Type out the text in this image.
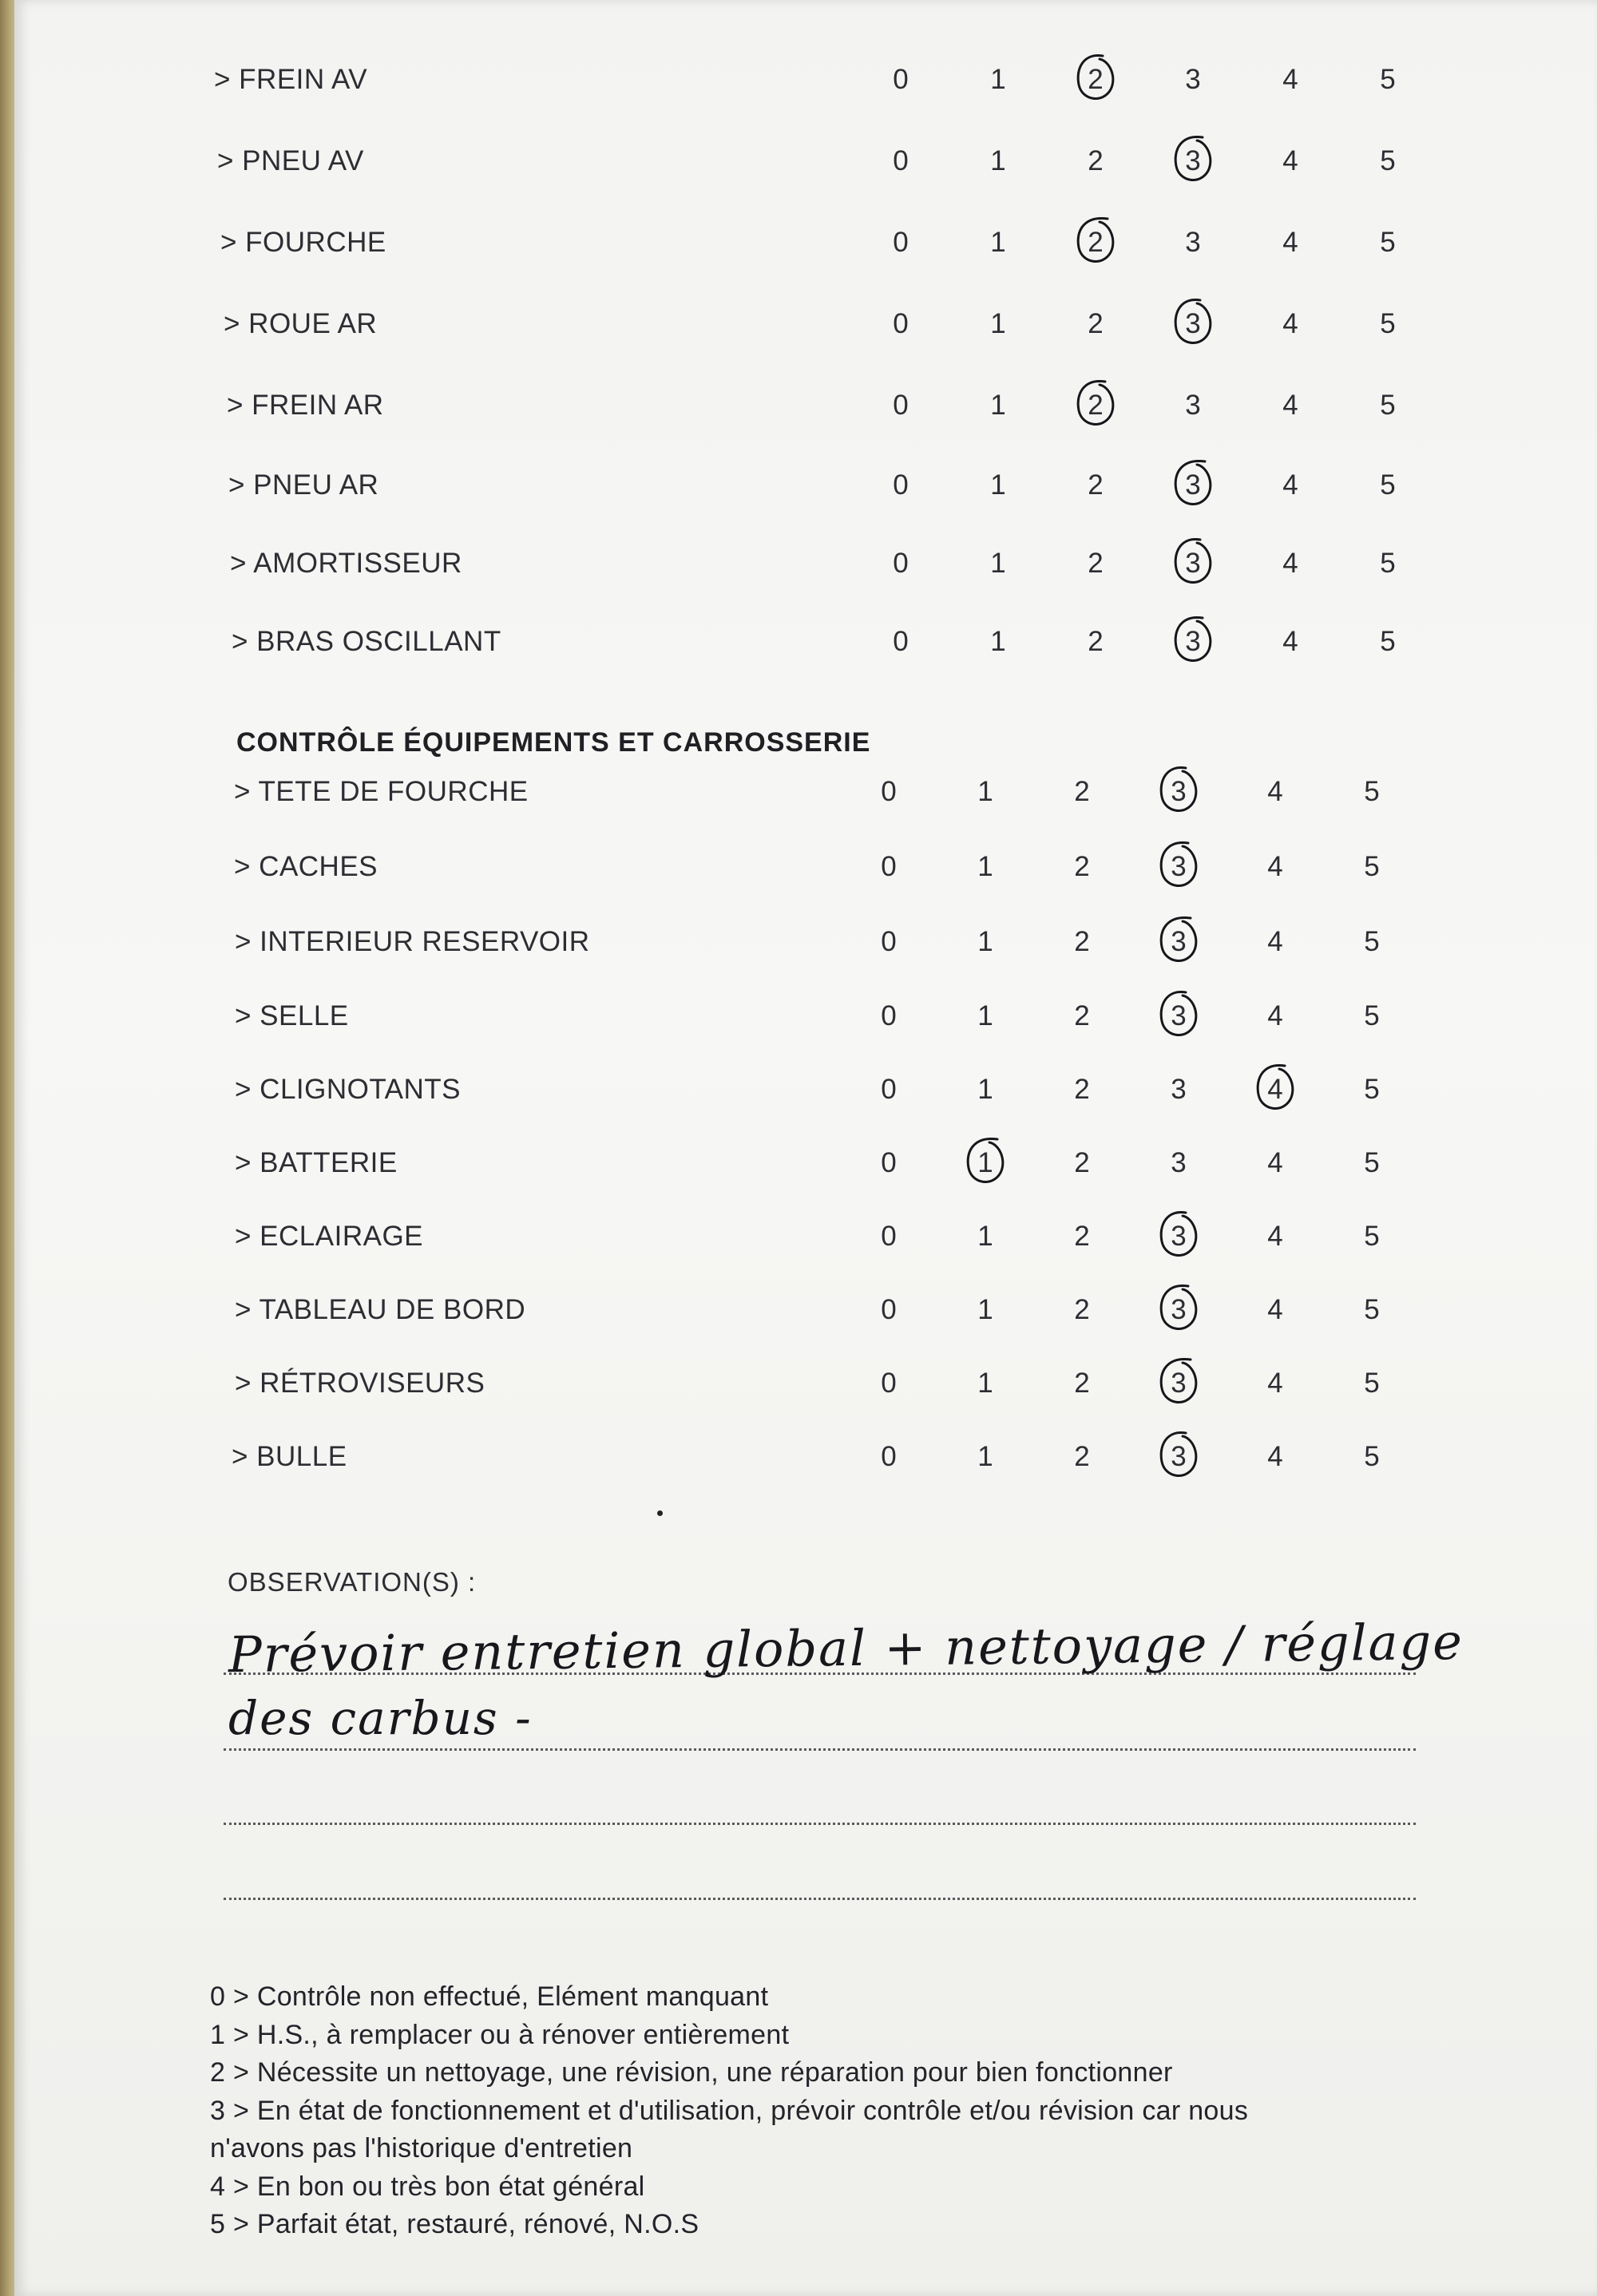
> FREIN AV	0	1	2	3	4	5
> PNEU AV	0	1	2	3	4	5
> FOURCHE	0	1	2	3	4	5
> ROUE AR	0	1	2	3	4	5
> FREIN AR	0	1	2	3	4	5
> PNEU AR	0	1	2	3	4	5
> AMORTISSEUR	0	1	2	3	4	5
> BRAS OSCILLANT	0	1	2	3	4	5
> TETE DE FOURCHE	0	1	2	3	4	5
> CACHES	0	1	2	3	4	5
> INTERIEUR RESERVOIR	0	1	2	3	4	5
> SELLE	0	1	2	3	4	5
> CLIGNOTANTS	0	1	2	3	4	5
> BATTERIE	0	1	2	3	4	5
> ECLAIRAGE	0	1	2	3	4	5
> TABLEAU DE BORD	0	1	2	3	4	5
> RÉTROVISEURS	0	1	2	3	4	5
> BULLE	0	1	2	3	4	5
CONTRÔLE ÉQUIPEMENTS ET CARROSSERIE
OBSERVATION(S) :
Prévoir entretien global + nettoyage / réglage
des carbus -
0 > Contrôle non effectué, Elément manquant
1 > H.S., à remplacer ou à rénover entièrement
2 > Nécessite un nettoyage, une révision, une réparation pour bien fonctionner
3 > En état de fonctionnement et d'utilisation, prévoir contrôle et/ou révision car nous
n'avons pas l'historique d'entretien
4 > En bon ou très bon état général
5 > Parfait état, restauré, rénové, N.O.S
